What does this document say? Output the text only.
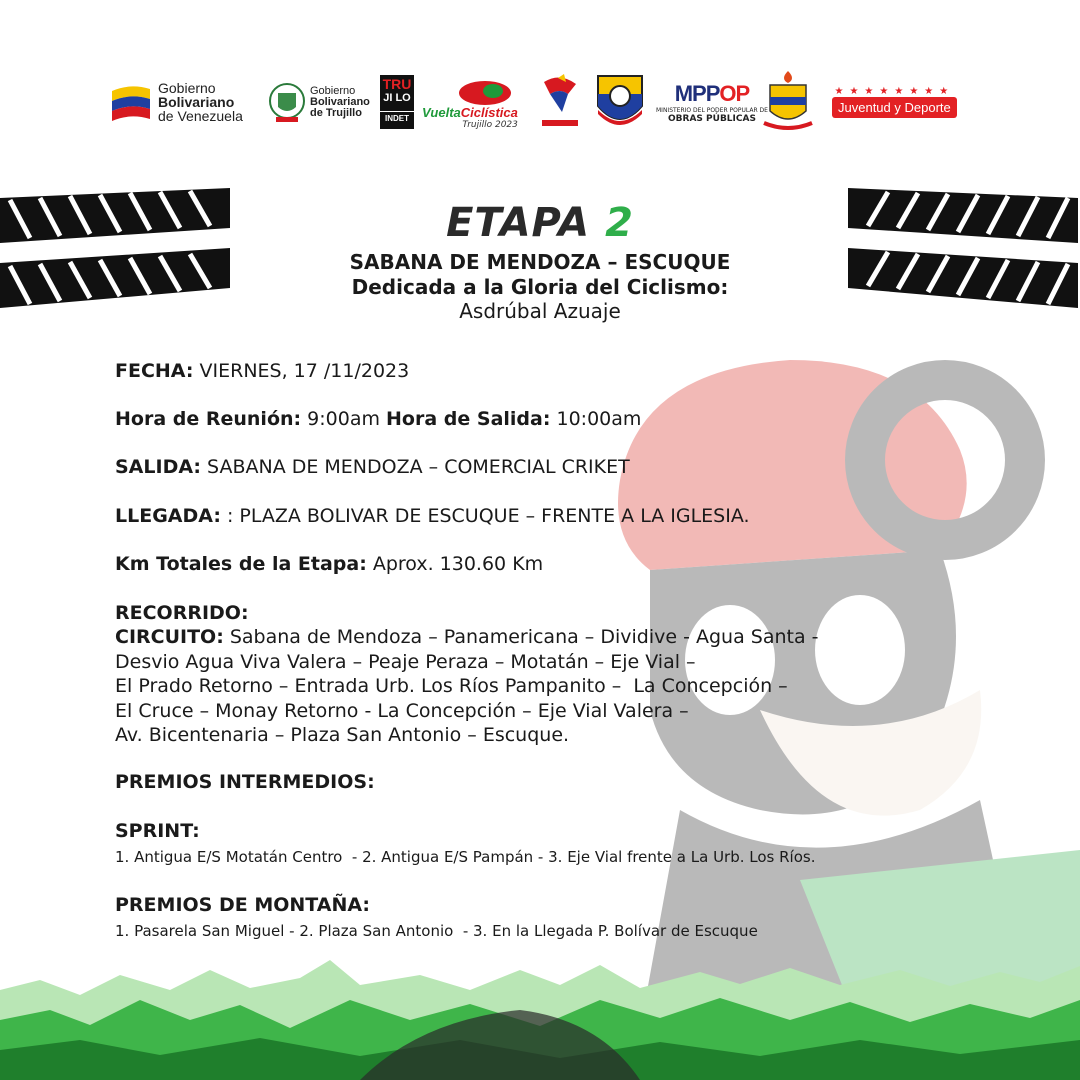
Gobierno
Bolivariano
de Venezuela
Gobierno
Bolivariano
de Trujillo
TRU
JI LO
INDET	VueltaCiclística
Trujillo 2023
MPPOP
MINISTERIO DEL PODER POPULAR DE
OBRAS PÚBLICAS
★★★★★★★★
Juventud y Deporte
ETAPA 2
SABANA DE MENDOZA – ESCUQUE
Dedicada a la Gloria del Ciclismo:
Asdrúbal Azuaje
FECHA: VIERNES, 17 /11/2023
Hora de Reunión: 9:00am Hora de Salida: 10:00am
SALIDA: SABANA DE MENDOZA – COMERCIAL CRIKET
LLEGADA: : PLAZA BOLIVAR DE ESCUQUE – FRENTE A LA IGLESIA.
Km Totales de la Etapa: Aprox. 130.60 Km
RECORRIDO:
CIRCUITO: Sabana de Mendoza – Panamericana – Dividive - Agua Santa -
Desvio Agua Viva Valera – Peaje Peraza – Motatán – Eje Vial –
El Prado Retorno – Entrada Urb. Los Ríos Pampanito –  La Concepción –
El Cruce – Monay Retorno - La Concepción – Eje Vial Valera –
Av. Bicentenaria – Plaza San Antonio – Escuque.
PREMIOS INTERMEDIOS:
SPRINT:
1. Antigua E/S Motatán Centro  - 2. Antigua E/S Pampán - 3. Eje Vial frente a La Urb. Los Ríos.
PREMIOS DE MONTAÑA:
1. Pasarela San Miguel - 2. Plaza San Antonio  - 3. En la Llegada P. Bolívar de Escuque
